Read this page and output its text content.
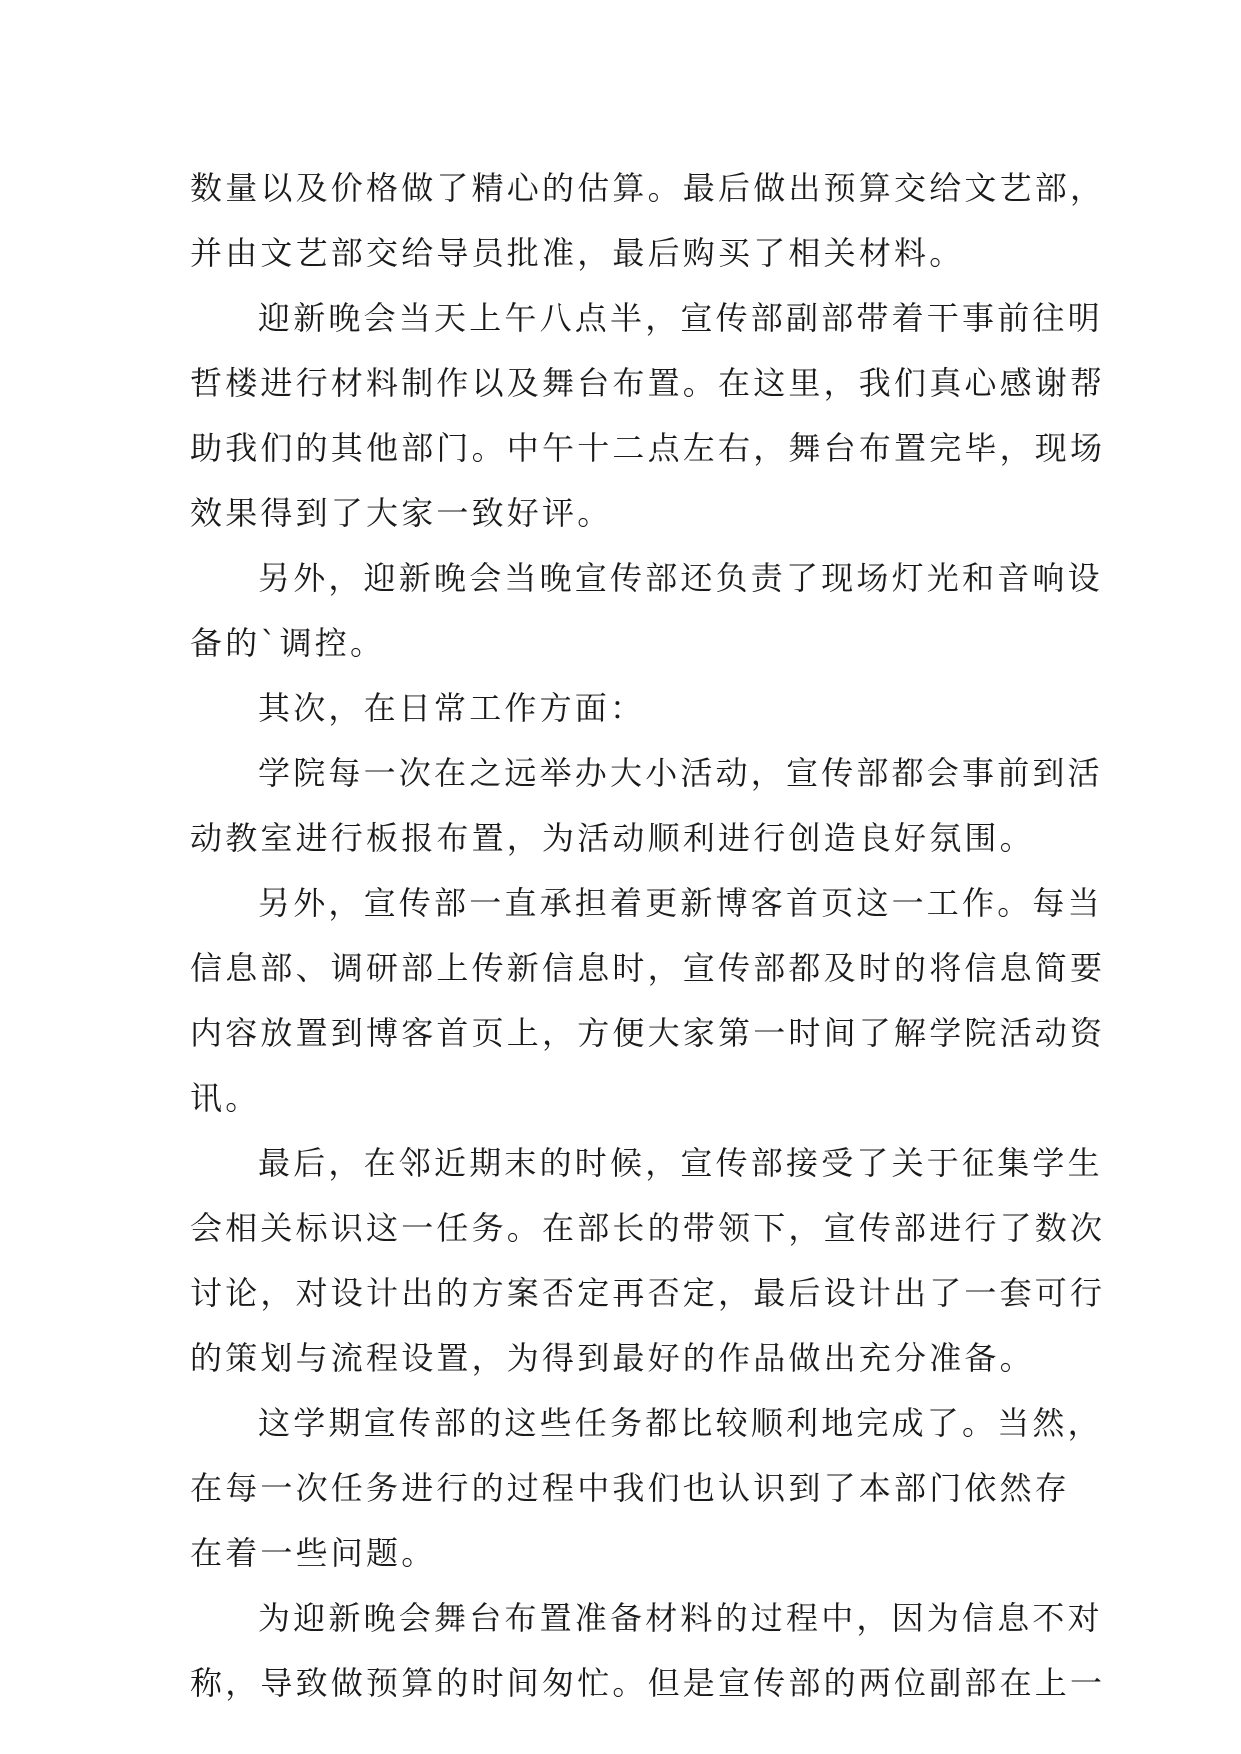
数量以及价格做了精心的估算。最后做出预算交给文艺部，
并由文艺部交给导员批准，最后购买了相关材料。
迎新晚会当天上午八点半，宣传部副部带着干事前往明
哲楼进行材料制作以及舞台布置。在这里，我们真心感谢帮
助我们的其他部门。中午十二点左右，舞台布置完毕，现场
效果得到了大家一致好评。
另外，迎新晚会当晚宣传部还负责了现场灯光和音响设
备的`调控。
其次，在日常工作方面：
学院每一次在之远举办大小活动，宣传部都会事前到活
动教室进行板报布置，为活动顺利进行创造良好氛围。
另外，宣传部一直承担着更新博客首页这一工作。每当
信息部、调研部上传新信息时，宣传部都及时的将信息简要
内容放置到博客首页上，方便大家第一时间了解学院活动资
讯。
最后，在邻近期末的时候，宣传部接受了关于征集学生
会相关标识这一任务。在部长的带领下，宣传部进行了数次
讨论，对设计出的方案否定再否定，最后设计出了一套可行
的策划与流程设置，为得到最好的作品做出充分准备。
这学期宣传部的这些任务都比较顺利地完成了。当然，
在每一次任务进行的过程中我们也认识到了本部门依然存
在着一些问题。
为迎新晚会舞台布置准备材料的过程中，因为信息不对
称，导致做预算的时间匆忙。但是宣传部的两位副部在上一
